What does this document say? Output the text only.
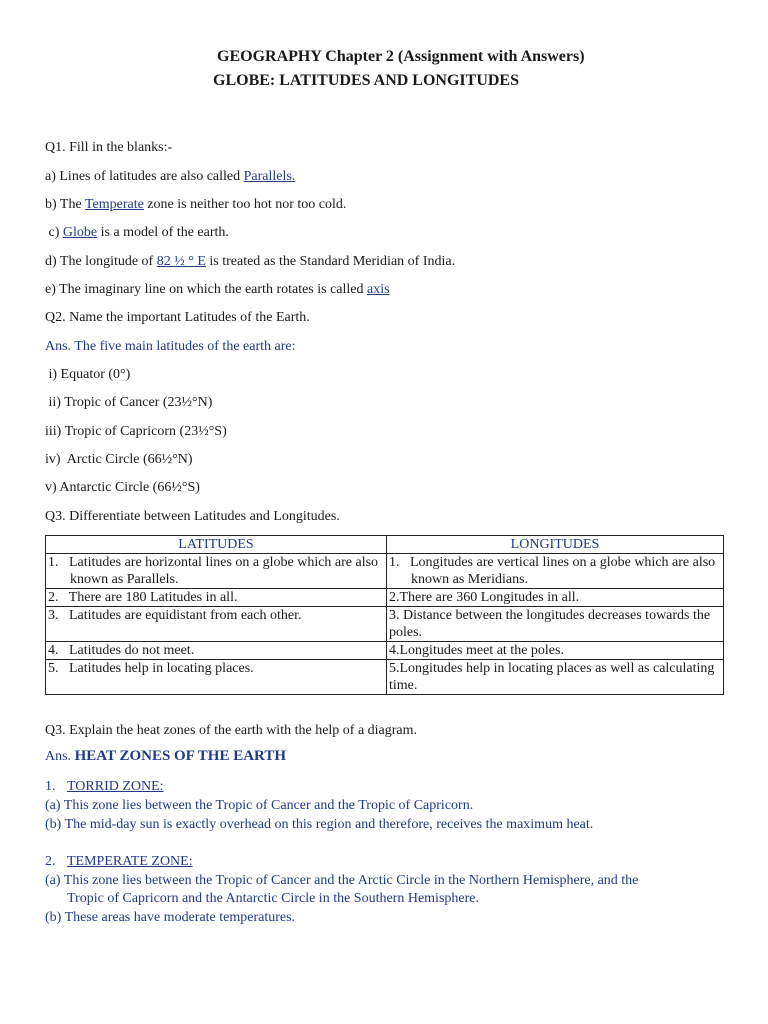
GEOGRAPHY Chapter 2 (Assignment with Answers)
GLOBE: LATITUDES AND LONGITUDES
Q1. Fill in the blanks:-
a) Lines of latitudes are also called Parallels.
b) The Temperate zone is neither too hot nor too cold.
c) Globe is a model of the earth.
d) The longitude of 82 ½ ° E is treated as the Standard Meridian of India.
e) The imaginary line on which the earth rotates is called axis
Q2. Name the important Latitudes of the Earth.
Ans. The five main latitudes of the earth are:
i) Equator (0°)
ii) Tropic of Cancer (23½°N)
iii) Tropic of Capricorn (23½°S)
iv)  Arctic Circle (66½°N)
v) Antarctic Circle (66½°S)
Q3. Differentiate between Latitudes and Longitudes.
LATITUDES	LONGITUDES

1.   Latitudes are horizontal lines on a globe which are also known as Parallels.	1.   Longitudes are vertical lines on a globe which are also known as Meridians.

2.   There are 180 Latitudes in all.	2.There are 360 Longitudes in all.
3.   Latitudes are equidistant from each other.	3. Distance between the longitudes decreases towards the poles.
4.   Latitudes do not meet.	4.Longitudes meet at the poles.
5.   Latitudes help in locating places.	5.Longitudes help in locating places as well as calculating time.
Q3. Explain the heat zones of the earth with the help of a diagram.
Ans. HEAT ZONES OF THE EARTH
1. TORRID ZONE:
(a) This zone lies between the Tropic of Cancer and the Tropic of Capricorn.
(b) The mid-day sun is exactly overhead on this region and therefore, receives the maximum heat.
2. TEMPERATE ZONE:
(a) This zone lies between the Tropic of Cancer and the Arctic Circle in the Northern Hemisphere, and the
Tropic of Capricorn and the Antarctic Circle in the Southern Hemisphere.
(b) These areas have moderate temperatures.
